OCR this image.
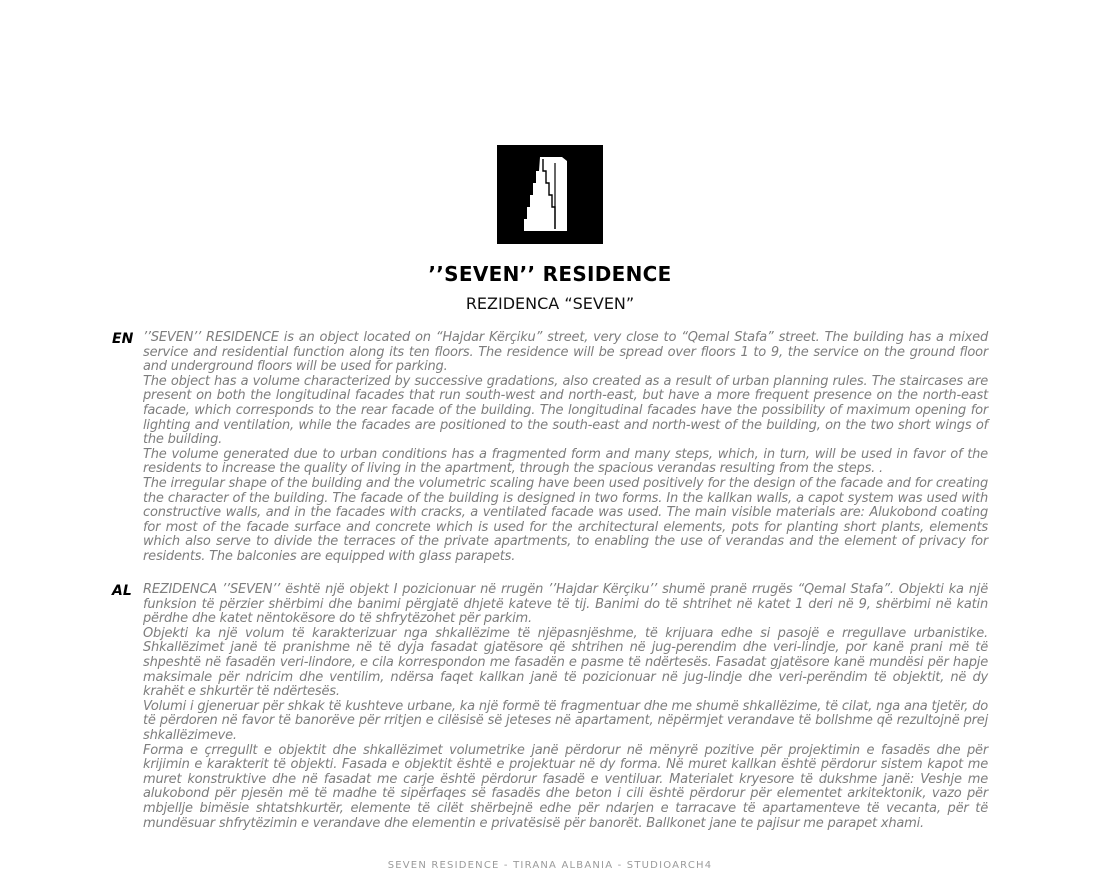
’’SEVEN’’ RESIDENCE
REZIDENCA “SEVEN”
EN ’’SEVEN’’ RESIDENCE is an object located on “Hajdar Kërçiku” street, very close to “Qemal Stafa” street. The building has a mixed service and residential function along its ten floors. The residence will be spread over floors 1 to 9, the service on the ground floor and underground floors will be used for parking.

The object has a volume characterized by successive gradations, also created as a result of urban planning rules. The staircases are present on both the longitudinal facades that run south-west and north-east, but have a more frequent presence on the north-east facade, which corresponds to the rear facade of the building. The longitudinal facades have the possibility of maximum opening for lighting and ventilation, while the facades are positioned to the south-east and north-west of the building, on the two short wings of the building.

The volume generated due to urban conditions has a fragmented form and many steps, which, in turn, will be used in favor of the residents to increase the quality of living in the apartment, through the spacious verandas resulting from the steps. .

The irregular shape of the building and the volumetric scaling have been used positively for the design of the facade and for creating the character of the building. The facade of the building is designed in two forms. In the kallkan walls, a capot system was used with constructive walls, and in the facades with cracks, a ventilated facade was used. The main visible materials are: Alukobond coating for most of the facade surface and concrete which is used for the architectural elements, pots for planting short plants, elements which also serve to divide the terraces of the private apartments, to enabling the use of verandas and the element of privacy for residents. The balconies are equipped with glass parapets.

AL REZIDENCA ’’SEVEN’’ është një objekt I pozicionuar në rrugën ’’Hajdar Kërçiku’’ shumë pranë rrugës “Qemal Stafa”. Objekti ka një funksion të përzier shërbimi dhe banimi përgjatë dhjetë kateve të tij. Banimi do të shtrihet në katet 1 deri në 9, shërbimi në katin përdhe dhe katet nëntokësore do të shfrytëzohet për parkim.

Objekti ka një volum të karakterizuar nga shkallëzime të njëpasnjëshme, të krijuara edhe si pasojë e rregullave urbanistike. Shkallëzimet janë të pranishme në të dyja fasadat gjatësore që shtrihen në jug-perendim dhe veri-lindje, por kanë prani më të shpeshtë në fasadën veri-lindore, e cila korrespondon me fasadën e pasme të ndërtesës. Fasadat gjatësore kanë mundësi për hapje maksimale për ndricim dhe ventilim, ndërsa faqet kallkan janë të pozicionuar në jug-lindje dhe veri-perëndim të objektit, në dy krahët e shkurtër të ndërtesës.

Volumi i gjeneruar për shkak të kushteve urbane, ka një formë të fragmentuar dhe me shumë shkallëzime, të cilat, nga ana tjetër, do të përdoren në favor të banorëve për rritjen e cilësisë së jeteses në apartament, nëpërmjet verandave të bollshme që rezultojnë prej shkallëzimeve.

Forma e çrregullt e objektit dhe shkallëzimet volumetrike janë përdorur në mënyrë pozitive për projektimin e fasadës dhe për krijimin e karakterit të objekti. Fasada e objektit është e projektuar në dy forma. Në muret kallkan është përdorur sistem kapot me muret konstruktive dhe në fasadat me carje është përdorur fasadë e ventiluar. Materialet kryesore të dukshme janë: Veshje me alukobond për pjesën më të madhe të sipërfaqes së fasadës dhe beton i cili është përdorur për elementet arkitektonik, vazo për mbjellje bimësie shtatshkurtër, elemente të cilët shërbejnë edhe për ndarjen e tarracave të apartamenteve të vecanta, për të mundësuar shfrytëzimin e verandave dhe elementin e privatësisë për banorët. Ballkonet jane te pajisur me parapet xhami.

SEVEN RESIDENCE - TIRANA ALBANIA - STUDIOARCH4
